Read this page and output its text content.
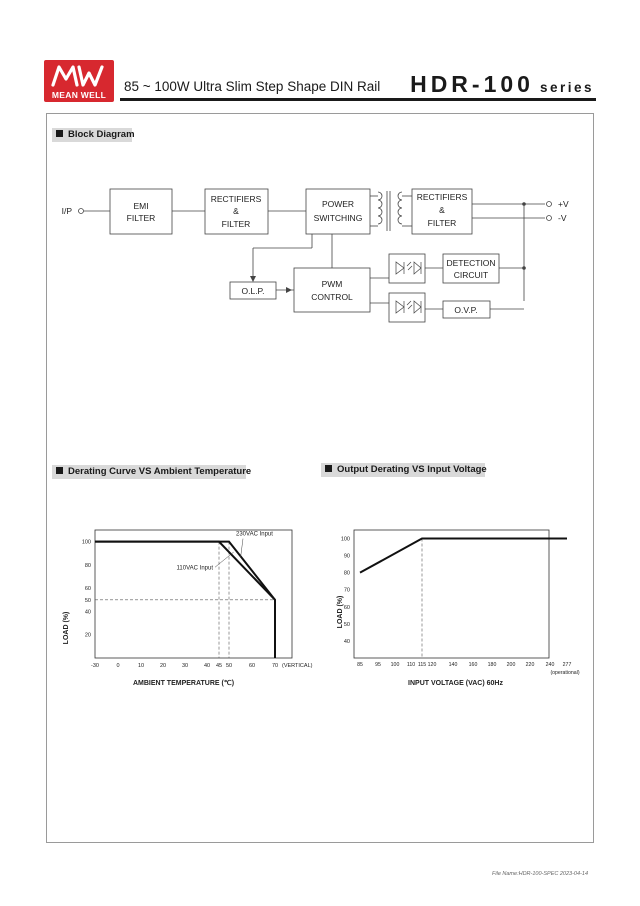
MEAN WELL
85 ~ 100W Ultra Slim Step Shape DIN Rail HDR-100 series
Block Diagram
Derating Curve VS Ambient Temperature	Output Derating VS Input Voltage
I/P	EMI
FILTER
RECTIFIERS
&
FILTER
POWER
SWITCHING
RECTIFIERS
&
FILTER
PWM
CONTROL
O.L.P.
DETECTION
CIRCUIT
O.V.P.
+V
-V
-30	0	10	20	30	40 45 50	60	70 (VERTICAL)
20
40
50
60
80
100
230VAC Input
110VAC Input
AMBIENT TEMPERATURE (℃)
LOAD (%)
85 95 100 110 115 120 140 160 180 200 220 240 277
(operational)
40
50
60
70
80
90
100
INPUT VOLTAGE (VAC) 60Hz
LOAD (%)
File Name:HDR-100-SPEC 2023-04-14
